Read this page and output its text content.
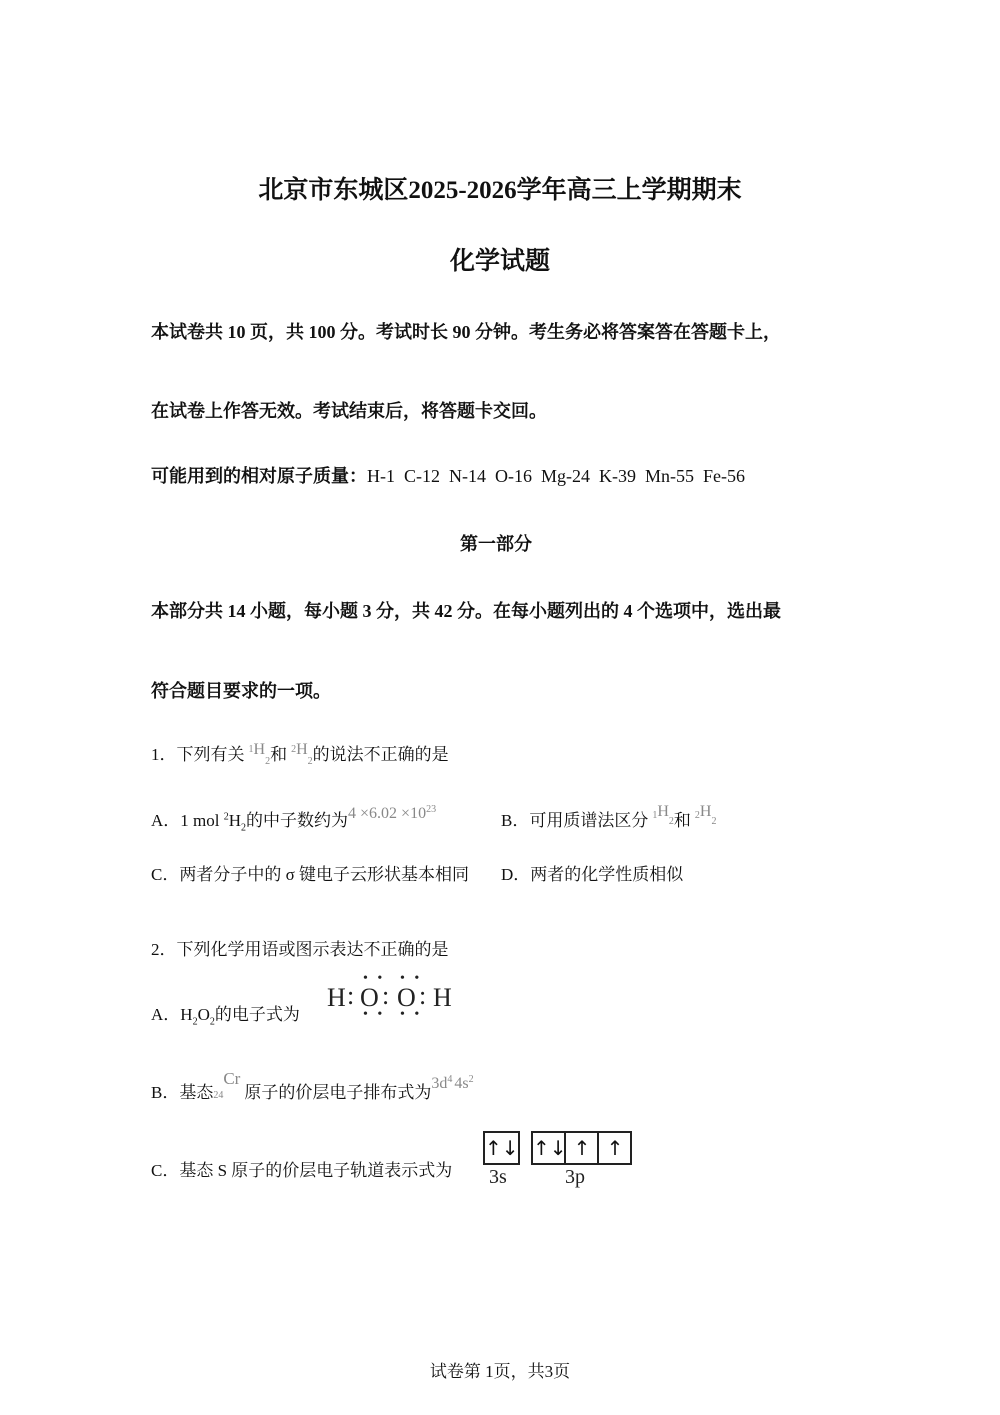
北京市东城区2025-2026学年高三上学期期末
化学试题
本试卷共 10 页，共 100 分。考试时长 90 分钟。考生务必将答案答在答题卡上，
在试卷上作答无效。考试结束后，将答题卡交回。
可能用到的相对原子质量：H-1  C-12  N-14  O-16  Mg-24  K-39  Mn-55  Fe-56
第一部分
本部分共 14 小题，每小题 3 分，共 42 分。在每小题列出的 4 个选项中，选出最
符合题目要求的一项。
1．下列有关 $^1H_2$和 $^2H_2$的说法不正确的是
A．1 mol $^2H_2$的中子数约为$4 \times 6.02 \times 10^{23}$
B．可用质谱法区分 $^1$H2和 $^2$H2
C．两者分子中的 σ 键电子云形状基本相同 D．两者的化学性质相似
2．下列化学用语或图示表达不正确的是
A．$H_2O_2$的电子式为
H : O : O : H
• •
• •
• •
• •
B．基态24Cr原子的价层电子排布式为$3d^4$ $4s^2$
C．基态 S 原子的价层电子轨道表示式为
↑↓ ↑↓ ↑ ↑
3s	3p
试卷第 1页，共3页
